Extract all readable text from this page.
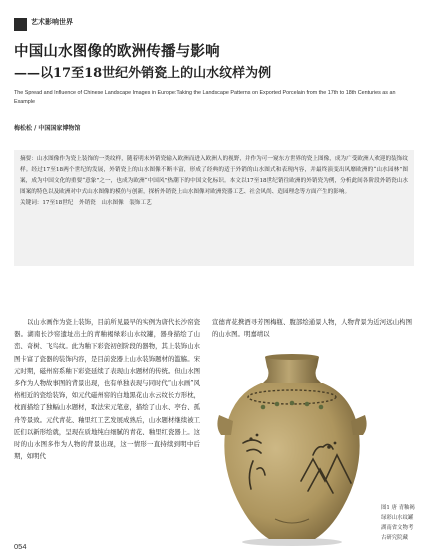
艺术影响世界
中国山水图像的欧洲传播与影响
——以17至18世纪外销瓷上的山水纹样为例
The Spread and Influence of Chinese Landscape Images in Europe:Taking the Landscape Patterns on Exported Porcelain from the 17th to 18th Centuries as an Example
梅松松 / 中国国家博物馆
摘要：山水图像作为瓷上装饰的一类纹样，随着明末外销瓷输入欧洲而进入欧洲人的视野，并作为可一窥东方世界的瓷上图像，成为广受欧洲人欢迎的装饰纹样。经过17至18两个世纪的发展，外销瓷上的山水图像不断丰富，形成了经典的适于外销的山水图式和表现内容，并最终演变出风靡欧洲的“山水园林”图案，成为中国文化的重要“意象”之一，也成为欧洲“中国风”热潮下的中国文化标识。本文以17至18世纪销往欧洲的外销瓷为例，分析此间各阶段外销瓷山水图案的特色以及欧洲对中式山水图像的模仿与创新，探析外销瓷上山水图像对欧洲瓷器工艺、社会风尚、造园理念等方面产生的影响。
关键词：17至18世纪　外销瓷　山水图像　装饰工艺
以山水画作为瓷上装饰，目前所见最早的实例为唐代长沙窑瓷器。湖南长沙窑遗址出土的青釉褐绿彩山水纹罐，器身描绘了山峦、奇树、飞鸟纹。此为釉下彩瓷初创阶段的器物，其上装饰山水图卡富了瓷器的装饰内容，是目前瓷器上山水装饰题材的滥觞。宋元时期，磁州窑系釉下彩瓷延续了表现山水题材的传统。但山水图多作为人物故事图的背景出现，也有单独表现与同时代“山水画”风格相近的瓷绘装饰，如元代磁州窑的白地黑花山水云纹长方形枕，枕面描绘了独幅山水题材，取法宋元笔意，描绘了山水、亭台、孤舟等景致。元代青花、釉里红工艺发展成熟后，山水题材继续被工匠们以新形绘就，呈现在质地纯白细腻的青花、釉里红瓷器上。这时的山水图多作为人物的背景出现，这一情形一直持续到明中后期，如明代
宣德青花携酒寻芳图梅瓶、腹部绘通景人物，人物背景为近河远山构图的山水图。明嘉靖以
图1 唐 青釉褐绿彩山水纹罐 湖南省文物考古研究院藏
054
